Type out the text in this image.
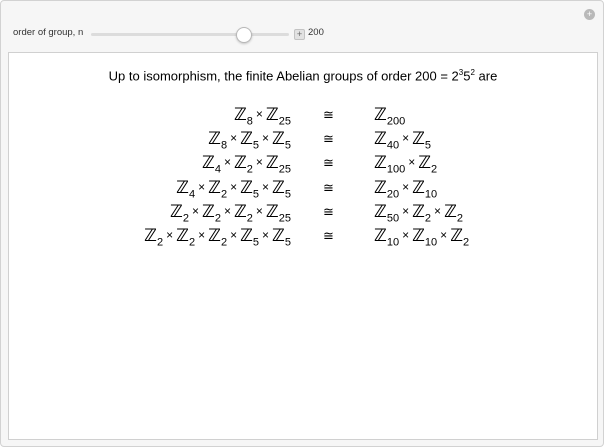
+
order of group, n	+ 200
Up to isomorphism, the finite Abelian groups of order $200 = 2^35^2$ are
ℤ$_8$× ℤ$_{25}$ ≅ ℤ$_{200}$
ℤ$_8$× ℤ$_5$× ℤ$_5$ ≅ ℤ$_{40}$× ℤ$_5$
ℤ$_4$× ℤ$_2$× ℤ$_{25}$ ≅ ℤ$_{100}$× ℤ$_2$
ℤ$_4$× ℤ$_2$× ℤ$_5$× ℤ$_5$ ≅ ℤ$_{20}$× ℤ$_{10}$
ℤ$_2$× ℤ$_2$× ℤ$_2$× ℤ$_{25}$ ≅ ℤ$_{50}$× ℤ$_2$× ℤ$_2$
ℤ$_2$× ℤ$_2$× ℤ$_2$× ℤ$_5$× ℤ$_5$ ≅ ℤ$_{10}$× ℤ$_{10}$× ℤ$_2$
